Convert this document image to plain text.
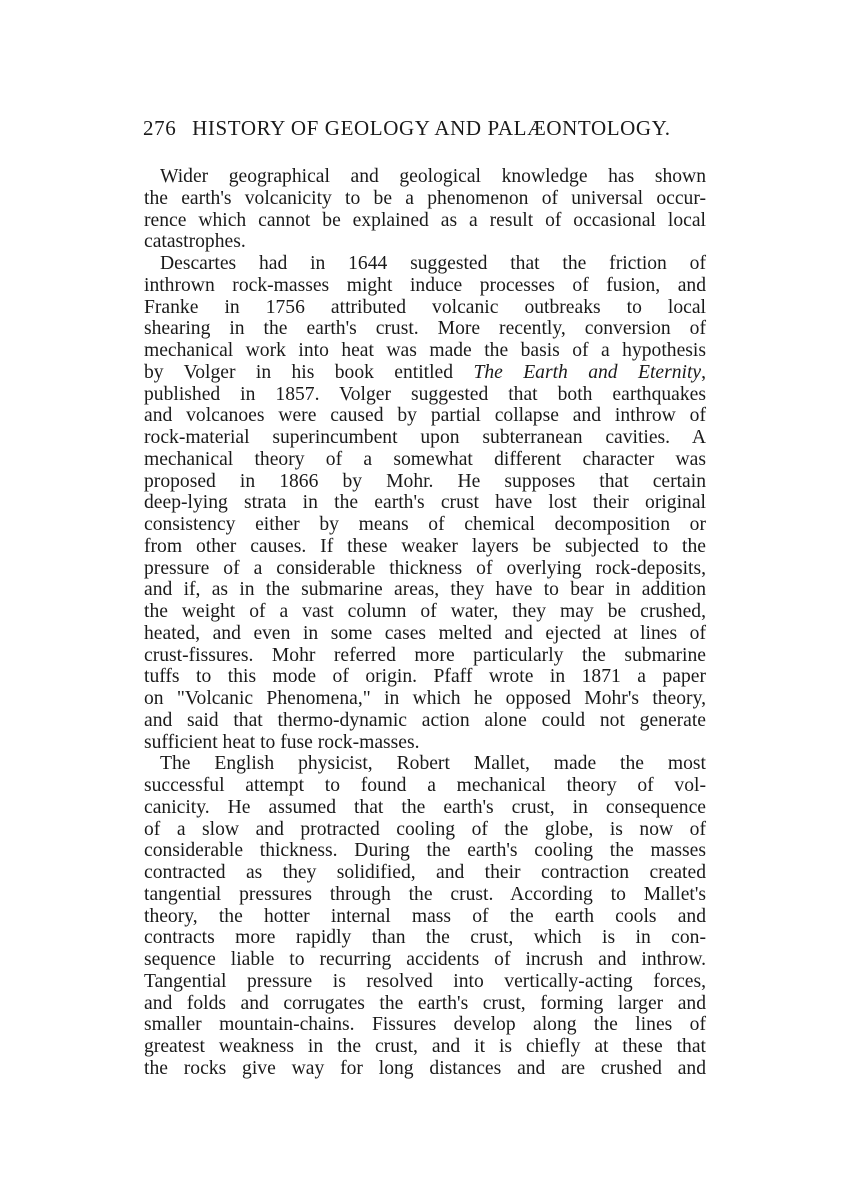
276 HISTORY OF GEOLOGY AND PALÆONTOLOGY.
Wider geographical and geological knowledge has shown
the earth's volcanicity to be a phenomenon of universal occur-
rence which cannot be explained as a result of occasional local
catastrophes.
Descartes had in 1644 suggested that the friction of
inthrown rock-masses might induce processes of fusion, and
Franke in 1756 attributed volcanic outbreaks to local
shearing in the earth's crust. More recently, conversion of
mechanical work into heat was made the basis of a hypothesis
by Volger in his book entitled The Earth and Eternity,
published in 1857. Volger suggested that both earthquakes
and volcanoes were caused by partial collapse and inthrow of
rock-material superincumbent upon subterranean cavities. A
mechanical theory of a somewhat different character was
proposed in 1866 by Mohr. He supposes that certain
deep-lying strata in the earth's crust have lost their original
consistency either by means of chemical decomposition or
from other causes. If these weaker layers be subjected to the
pressure of a considerable thickness of overlying rock-deposits,
and if, as in the submarine areas, they have to bear in addition
the weight of a vast column of water, they may be crushed,
heated, and even in some cases melted and ejected at lines of
crust-fissures. Mohr referred more particularly the submarine
tuffs to this mode of origin. Pfaff wrote in 1871 a paper
on "Volcanic Phenomena," in which he opposed Mohr's theory,
and said that thermo-dynamic action alone could not generate
sufficient heat to fuse rock-masses.
The English physicist, Robert Mallet, made the most
successful attempt to found a mechanical theory of vol-
canicity. He assumed that the earth's crust, in consequence
of a slow and protracted cooling of the globe, is now of
considerable thickness. During the earth's cooling the masses
contracted as they solidified, and their contraction created
tangential pressures through the crust. According to Mallet's
theory, the hotter internal mass of the earth cools and
contracts more rapidly than the crust, which is in con-
sequence liable to recurring accidents of incrush and inthrow.
Tangential pressure is resolved into vertically-acting forces,
and folds and corrugates the earth's crust, forming larger and
smaller mountain-chains. Fissures develop along the lines of
greatest weakness in the crust, and it is chiefly at these that
the rocks give way for long distances and are crushed and
